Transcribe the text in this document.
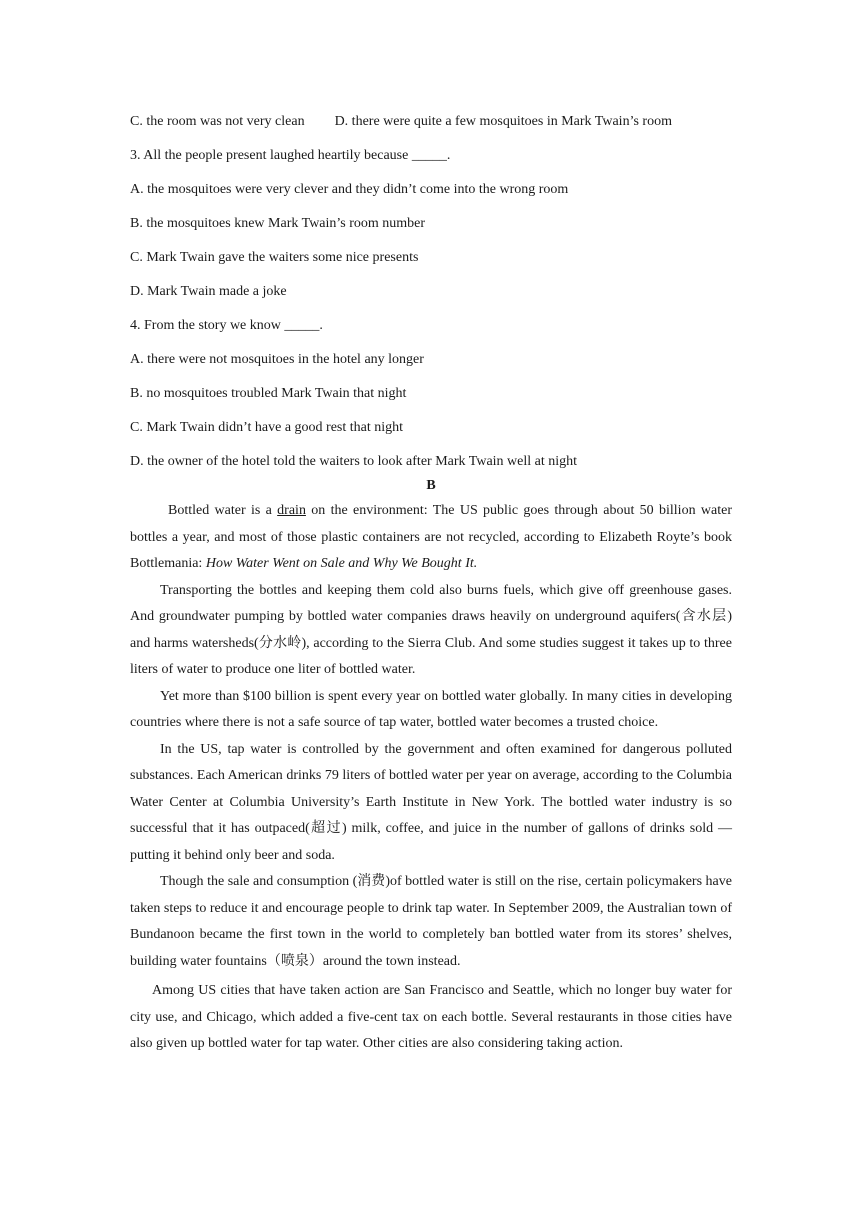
C. the room was not very clean D. there were quite a few mosquitoes in Mark Twain’s room
3. All the people present laughed heartily because _____.
A. the mosquitoes were very clever and they didn’t come into the wrong room
B. the mosquitoes knew Mark Twain’s room number
C. Mark Twain gave the waiters some nice presents
D. Mark Twain made a joke
4. From the story we know _____.
A. there were not mosquitoes in the hotel any longer
B. no mosquitoes troubled Mark Twain that night
C. Mark Twain didn’t have a good rest that night
D. the owner of the hotel told the waiters to look after Mark Twain well at night
B

Bottled water is a drain on the environment: The US public goes through about 50 billion water bottles a year, and most of those plastic containers are not recycled, according to Elizabeth Royte’s book Bottlemania: How Water Went on Sale and Why We Bought It.

Transporting the bottles and keeping them cold also burns fuels, which give off greenhouse gases. And groundwater pumping by bottled water companies draws heavily on underground aquifers(含水层) and harms watersheds(分水岭), according to the Sierra Club. And some studies suggest it takes up to three liters of water to produce one liter of bottled water.

Yet more than $100 billion is spent every year on bottled water globally. In many cities in developing countries where there is not a safe source of tap water, bottled water becomes a trusted choice.

In the US, tap water is controlled by the government and often examined for dangerous polluted substances. Each American drinks 79 liters of bottled water per year on average, according to the Columbia Water Center at Columbia University’s Earth Institute in New York. The bottled water industry is so successful that it has outpaced(超过) milk, coffee, and juice in the number of gallons of drinks sold — putting it behind only beer and soda.

Though the sale and consumption (消费)of bottled water is still on the rise, certain policymakers have taken steps to reduce it and encourage people to drink tap water. In September 2009, the Australian town of Bundanoon became the first town in the world to completely ban bottled water from its stores’ shelves, building water fountains（喷泉）around the town instead.

Among US cities that have taken action are San Francisco and Seattle, which no longer buy water for city use, and Chicago, which added a five-cent tax on each bottle. Several restaurants in those cities have also given up bottled water for tap water. Other cities are also considering taking action.
